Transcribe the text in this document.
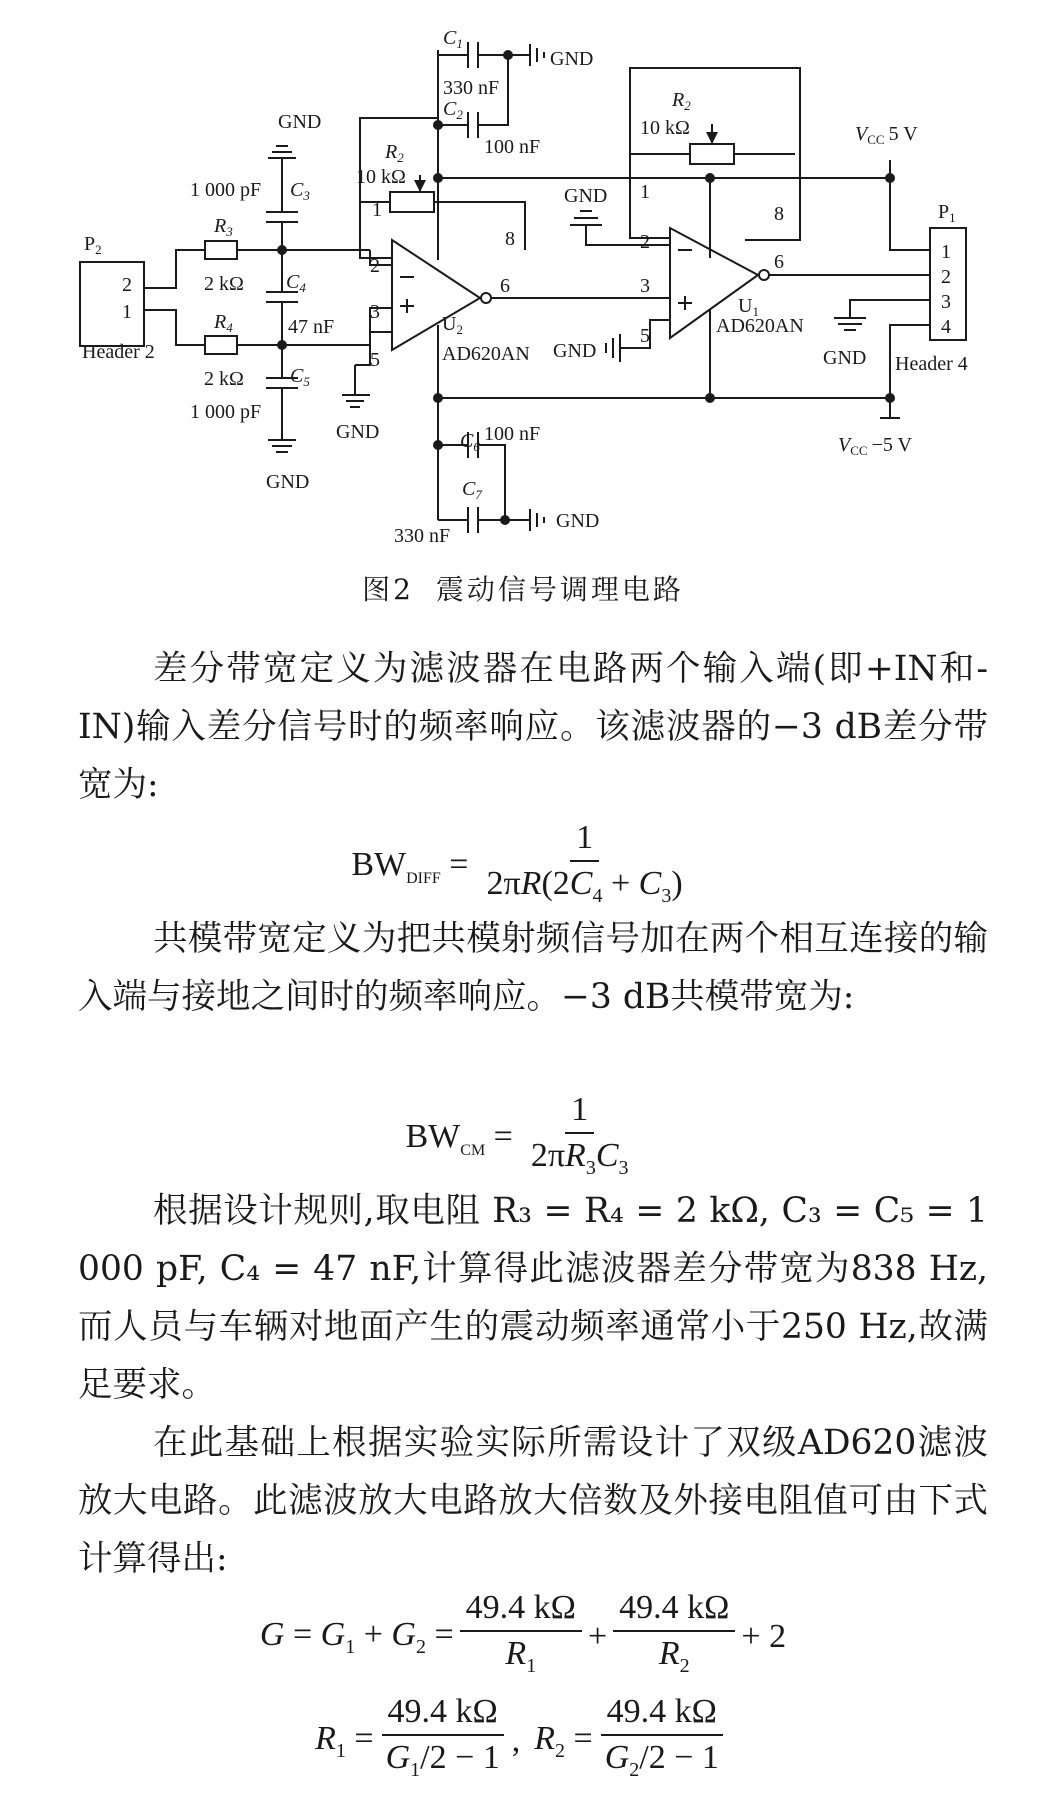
$C_1$
GND
330 nF
$C_2$
100 nF
GND
$R_2$
10 kΩ
1 000 pF $C_3$
$P_2$
$R_3$
2 kΩ $C_4$
47 nF
$R_4$
2
1
Header 2
2 kΩ $C_5$
1 000 pF
GND
GND
1
2
3
5
8
6
$U_2$
AD620AN
$C_6$
100 nF
$C_7$
330 nF
GND
GND 1
2
3
5
GND
$R_2$
10 kΩ
8
6
$U_1$
AD620AN
$V_{CC}$ 5 V
$P_1$
1
2
3
4
GND Header 4
$V_{CC} -5$ V
图2 震动信号调理电路

差分带宽定义为滤波器在电路两个输入端(即+IN和-IN)输入差分信号时的频率响应。该滤波器的−3 dB差分带宽为:

$BW_{DIFF} = \frac{1}{2\pi R(2C_4 + C_3)}$

共模带宽定义为把共模射频信号加在两个相互连接的输入端与接地之间时的频率响应。−3 dB共模带宽为:

$BW_{CM} = \frac{1}{2\pi R_3C_3}$

根据设计规则,取电阻 R₃ = R₄ = 2 kΩ, C₃ = C₅ = 1 000 pF, C₄ = 47 nF,计算得此滤波器差分带宽为838 Hz,而人员与车辆对地面产生的震动频率通常小于250 Hz,故满足要求。

在此基础上根据实验实际所需设计了双级AD620滤波放大电路。此滤波放大电路放大倍数及外接电阻值可由下式计算得出:

$G = G_1 + G_2 = \frac{49.4 k\Omega}{R_1} + \frac{49.4 k\Omega}{R_2} + 2$
$R_1 = \frac{49.4 k\Omega}{G_1/2 - 1}$ , $R_2 = \frac{49.4 k\Omega}{G_2/2 - 1}$
